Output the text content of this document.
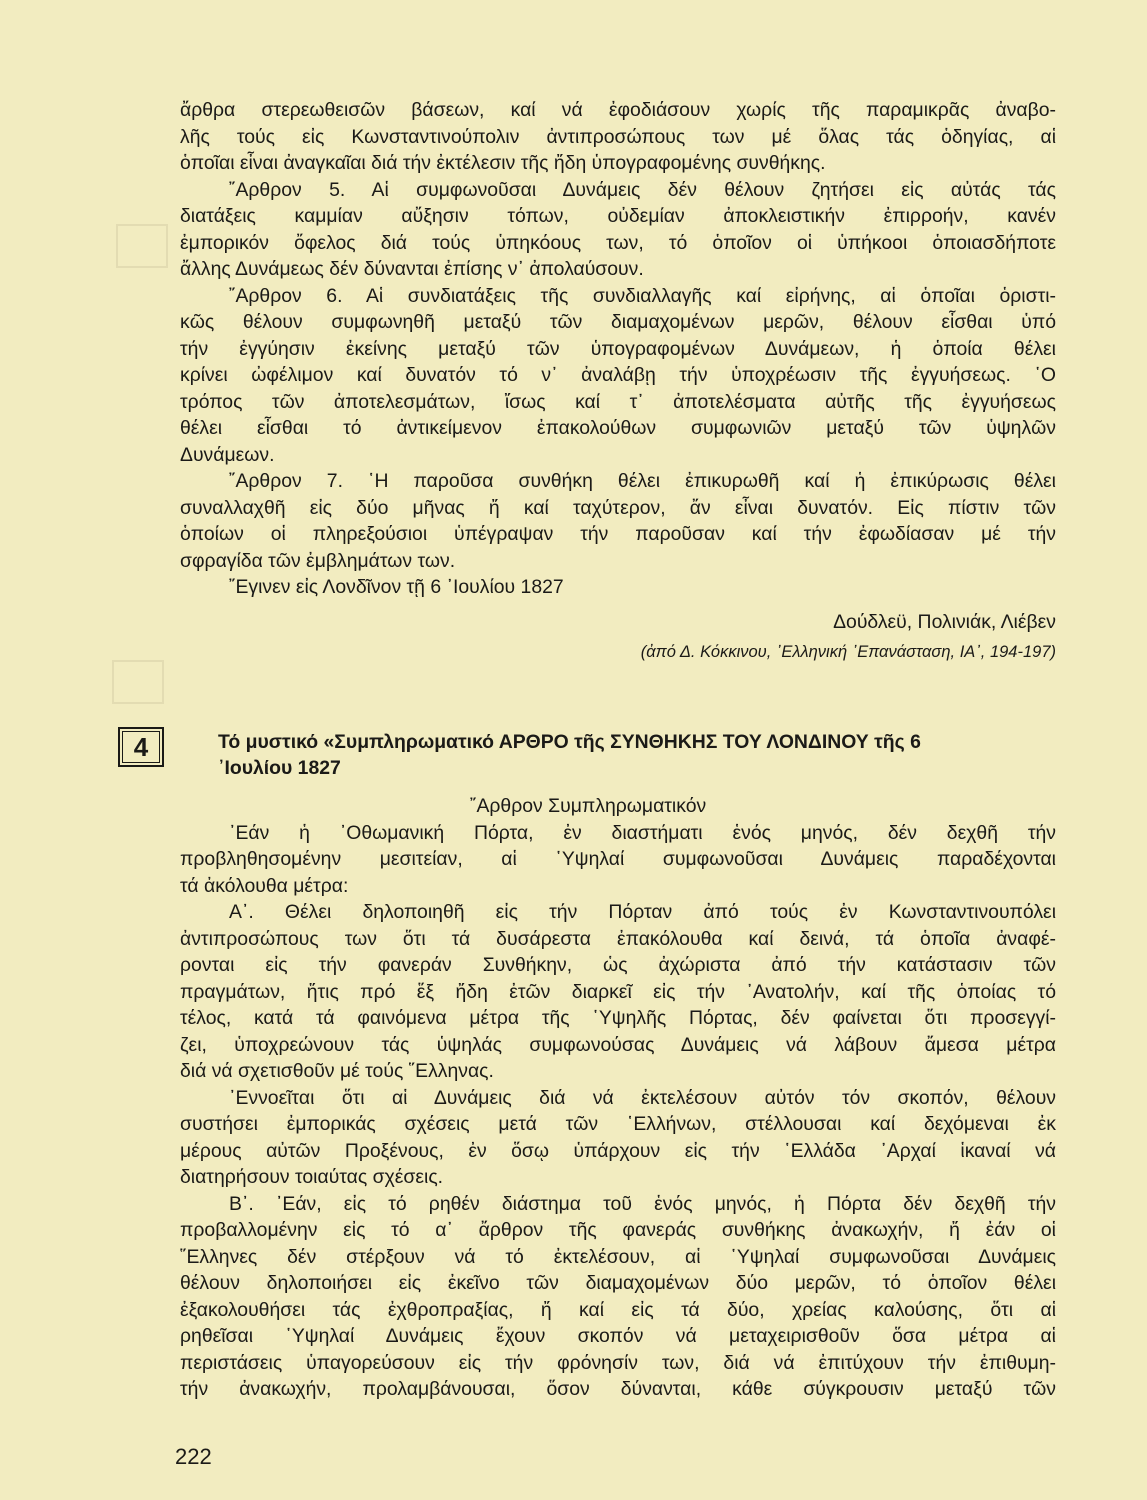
ἄρθρα στερεωθεισῶν βάσεων, καί νά ἐφοδιάσουν χωρίς τῆς παραμικρᾶς ἀναβο-
λῆς τούς εἰς Κωνσταντινούπολιν ἀντιπροσώπους των μέ ὅλας τάς ὁδηγίας, αἱ
ὁποῖαι εἶναι ἀναγκαῖαι διά τήν ἐκτέλεσιν τῆς ἤδη ὑπογραφομένης συνθήκης.
῎Αρθρον 5. Αἱ συμφωνοῦσαι Δυνάμεις δέν θέλουν ζητήσει εἰς αὐτάς τάς
διατάξεις καμμίαν αὔξησιν τόπων, οὐδεμίαν ἀποκλειστικήν ἐπιρροήν, κανέν
ἐμπορικόν ὄφελος διά τούς ὑπηκόους των, τό ὁποῖον οἱ ὑπήκοοι ὁποιασδήποτε
ἄλλης Δυνάμεως δέν δύνανται ἐπίσης ν᾽ ἀπολαύσουν.
῎Αρθρον 6. Αἱ συνδιατάξεις τῆς συνδιαλλαγῆς καί εἰρήνης, αἱ ὁποῖαι ὁριστι-
κῶς θέλουν συμφωνηθῆ μεταξύ τῶν διαμαχομένων μερῶν, θέλουν εἶσθαι ὑπό
τήν ἐγγύησιν ἐκείνης μεταξύ τῶν ὑπογραφομένων Δυνάμεων, ἡ ὁποία θέλει
κρίνει ὠφέλιμον καί δυνατόν τό ν᾽ ἀναλάβῃ τήν ὑποχρέωσιν τῆς ἐγγυήσεως. ῾Ο
τρόπος τῶν ἀποτελεσμάτων, ἴσως καί τ᾽ ἀποτελέσματα αὐτῆς τῆς ἐγγυήσεως
θέλει εἶσθαι τό ἀντικείμενον ἐπακολούθων συμφωνιῶν μεταξύ τῶν ὑψηλῶν
Δυνάμεων.
῎Αρθρον 7. ῾Η παροῦσα συνθήκη θέλει ἐπικυρωθῆ καί ἡ ἐπικύρωσις θέλει
συναλλαχθῆ εἰς δύο μῆνας ἤ καί ταχύτερον, ἄν εἶναι δυνατόν. Εἰς πίστιν τῶν
ὁποίων οἱ πληρεξούσιοι ὑπέγραψαν τήν παροῦσαν καί τήν ἐφωδίασαν μέ τήν
σφραγίδα τῶν ἐμβλημάτων των.
῎Εγινεν εἰς Λονδῖνον τῇ 6 ᾽Ιουλίου 1827
Δούδλεϋ, Πολινιάκ, Λιέβεν
(ἀπό Δ. Κόκκινου, ᾽Ελληνική ᾽Επανάσταση, ΙΑ᾽, 194-197)
4	Τό μυστικό «Συμπληρωματικό ΑΡΘΡΟ τῆς ΣΥΝΘΗΚΗΣ ΤΟΥ ΛΟΝΔΙΝΟΥ τῆς 6
᾽Ιουλίου 1827
῎Αρθρον Συμπληρωματικόν
᾽Εάν ἡ ᾽Οθωμανική Πόρτα, ἐν διαστήματι ἑνός μηνός, δέν δεχθῆ τήν
προβληθησομένην μεσιτείαν, αἱ ῾Υψηλαί συμφωνοῦσαι Δυνάμεις παραδέχονται
τά ἀκόλουθα μέτρα:
Α᾽. Θέλει δηλοποιηθῆ εἰς τήν Πόρταν ἀπό τούς ἐν Κωνσταντινουπόλει
ἀντιπροσώπους των ὅτι τά δυσάρεστα ἐπακόλουθα καί δεινά, τά ὁποῖα ἀναφέ-
ρονται εἰς τήν φανεράν Συνθήκην, ὡς ἀχώριστα ἀπό τήν κατάστασιν τῶν
πραγμάτων, ἥτις πρό ἕξ ἤδη ἐτῶν διαρκεῖ εἰς τήν ᾽Ανατολήν, καί τῆς ὁποίας τό
τέλος, κατά τά φαινόμενα μέτρα τῆς ῾Υψηλῆς Πόρτας, δέν φαίνεται ὅτι προσεγγί-
ζει, ὑποχρεώνουν τάς ὑψηλάς συμφωνούσας Δυνάμεις νά λάβουν ἄμεσα μέτρα
διά νά σχετισθοῦν μέ τούς ῞Ελληνας.
᾽Εννοεῖται ὅτι αἱ Δυνάμεις διά νά ἐκτελέσουν αὐτόν τόν σκοπόν, θέλουν
συστήσει ἐμπορικάς σχέσεις μετά τῶν ῾Ελλήνων, στέλλουσαι καί δεχόμεναι ἐκ
μέρους αὐτῶν Προξένους, ἐν ὅσῳ ὑπάρχουν εἰς τήν ῾Ελλάδα ᾽Αρχαί ἱκαναί νά
διατηρήσουν τοιαύτας σχέσεις.
Β᾽. ᾽Εάν, εἰς τό ρηθέν διάστημα τοῦ ἑνός μηνός, ἡ Πόρτα δέν δεχθῆ τήν
προβαλλομένην εἰς τό α᾽ ἄρθρον τῆς φανεράς συνθήκης ἀνακωχήν, ἤ ἐάν οἱ
῞Ελληνες δέν στέρξουν νά τό ἐκτελέσουν, αἱ ῾Υψηλαί συμφωνοῦσαι Δυνάμεις
θέλουν δηλοποιήσει εἰς ἐκεῖνο τῶν διαμαχομένων δύο μερῶν, τό ὁποῖον θέλει
ἐξακολουθήσει τάς ἐχθροπραξίας, ἤ καί εἰς τά δύο, χρείας καλούσης, ὅτι αἱ
ρηθεῖσαι ῾Υψηλαί Δυνάμεις ἔχουν σκοπόν νά μεταχειρισθοῦν ὅσα μέτρα αἱ
περιστάσεις ὑπαγορεύσουν εἰς τήν φρόνησίν των, διά νά ἐπιτύχουν τήν ἐπιθυμη-
τήν ἀνακωχήν, προλαμβάνουσαι, ὅσον δύνανται, κάθε σύγκρουσιν μεταξύ τῶν
222
